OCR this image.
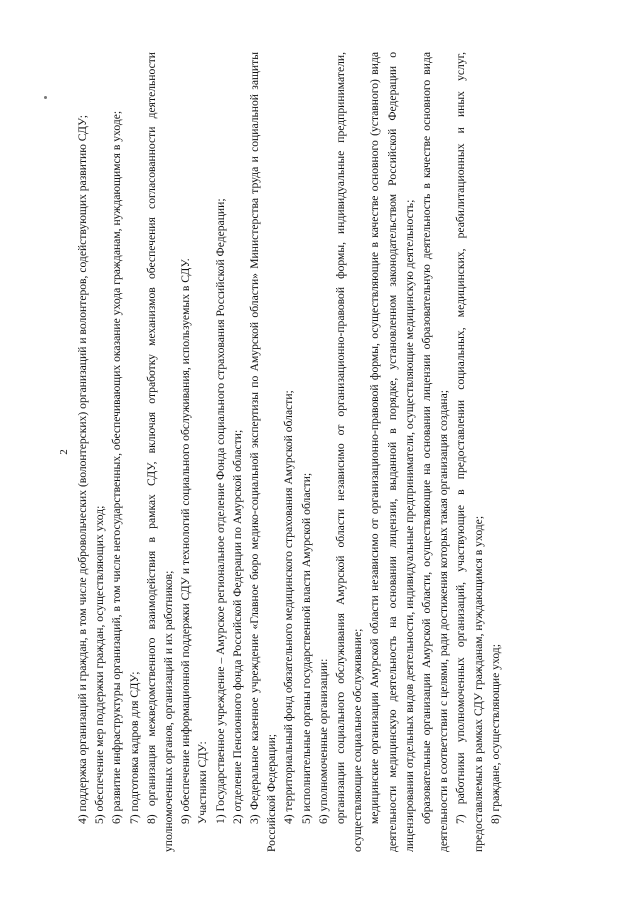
2 4) поддержка организаций и граждан, в том числе добровольческих (волонтерских) организаций и волонтеров, содействующих развитию СДУ; 5) обеспечение мер поддержки граждан, осуществляющих уход; 6) развитие инфраструктуры организаций, в том числе негосударственных, обеспечивающих оказание ухода гражданам, нуждающимся в уходе; 7) подготовка кадров для СДУ; 8) организация межведомственного взаимодействия в рамках СДУ, включая отработку механизмов обеспечения согласованности деятельности уполномоченных органов, организаций и их работников; 9) обеспечение информационной поддержки СДУ и технологий социального обслуживания, используемых в СДУ. Участники СДУ: 1) Государственное учреждение – Амурское региональное отделение Фонда социального страхования Российской Федерации; 2) отделение Пенсионного фонда Российской Федерации по Амурской области; 3) Федеральное казенное учреждение «Главное бюро медико-социальной экспертизы по Амурской области» Министерства труда и социальной защиты Российской Федерации; 4) территориальный фонд обязательного медицинского страхования Амурской области; 5) исполнительные органы государственной власти Амурской области; 6) уполномоченные организации: организации социального обслуживания Амурской области независимо от организационно-правовой формы, индивидуальные предприниматели, осуществляющие социальное обслуживание; медицинские организации Амурской области независимо от организационно-правовой формы, осуществляющие в качестве основного (уставного) вида деятельности медицинскую деятельность на основании лицензии, выданной в порядке, установленном законодательством Российской Федерации о лицензировании отдельных видов деятельности, индивидуальные предприниматели, осуществляющие медицинскую деятельность; образовательные организации Амурской области, осуществляющие на основании лицензии образовательную деятельность в качестве основного вида деятельности в соответствии с целями, ради достижения которых такая организация создана; 7) работники уполномоченных организаций, участвующие в предоставлении социальных, медицинских, реабилитационных и иных услуг, предоставляемых в рамках СДУ гражданам, нуждающимся в уходе; 8) граждане, осуществляющие уход;
